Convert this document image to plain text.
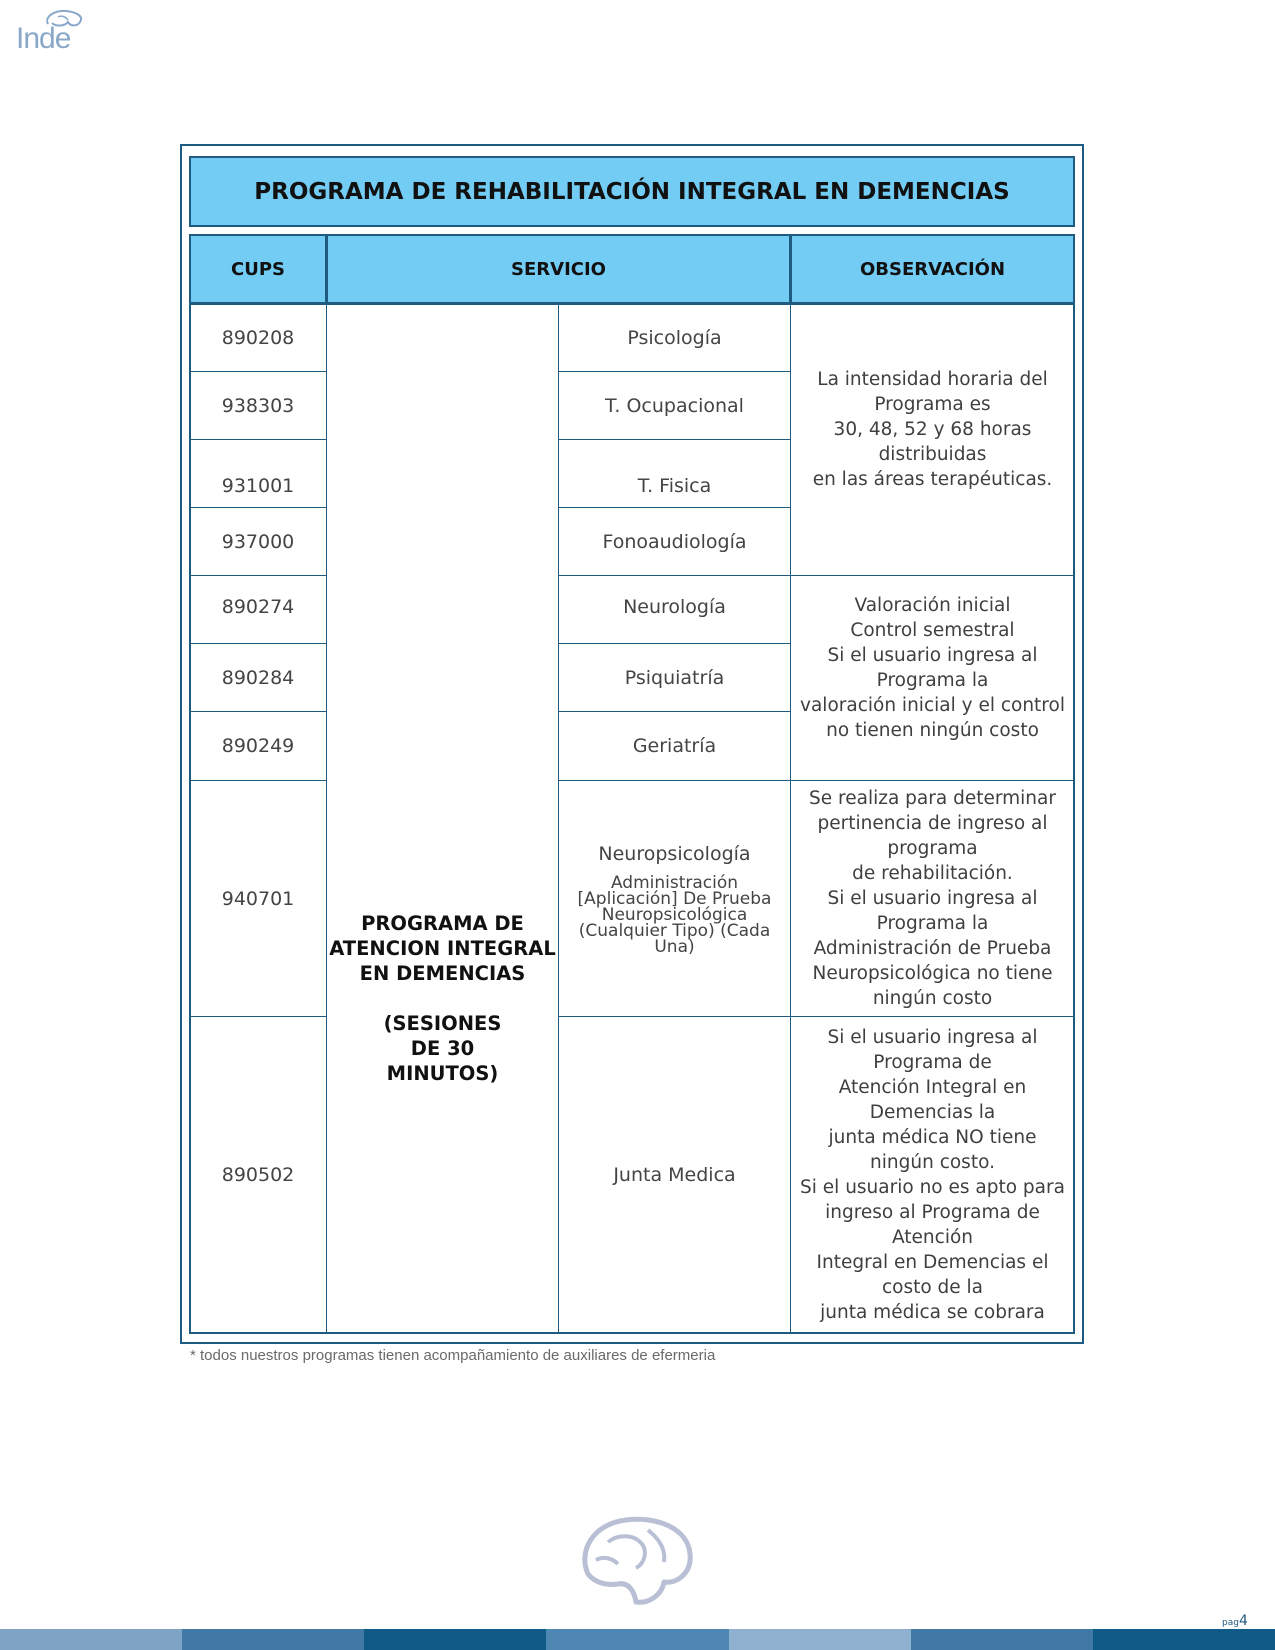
Inde
PROGRAMA DE REHABILITACIÓN INTEGRAL EN DEMENCIAS
CUPS	SERVICIO	OBSERVACIÓN
890208
938303
931001
937000
890274
890284
890249
940701
890502
PROGRAMA DE
ATENCION INTEGRAL
EN DEMENCIAS
(SESIONES
DE 30
MINUTOS)
Psicología
T. Ocupacional
T. Fisica
Fonoaudiología
Neurología
Psiquiatría
Geriatría
Neuropsicología
Administración [Aplicación] De Prueba Neuropsicológica (Cualquier Tipo) (Cada Una)
Junta Medica
La intensidad horaria del
Programa es
30, 48, 52 y 68 horas
distribuidas
en las áreas terapéuticas.
Valoración inicial
Control semestral
Si el usuario ingresa al
Programa la
valoración inicial y el control
no tienen ningún costo
Se realiza para determinar
pertinencia de ingreso al
programa
de rehabilitación.
Si el usuario ingresa al
Programa la
Administración de Prueba
Neuropsicológica no tiene
ningún costo
Si el usuario ingresa al
Programa de
Atención Integral en
Demencias la
junta médica NO tiene
ningún costo.
Si el usuario no es apto para
ingreso al Programa de
Atención
Integral en Demencias el
costo de la
junta médica se cobrara
* todos nuestros programas tienen acompañamiento de auxiliares de efermeria
pag4
